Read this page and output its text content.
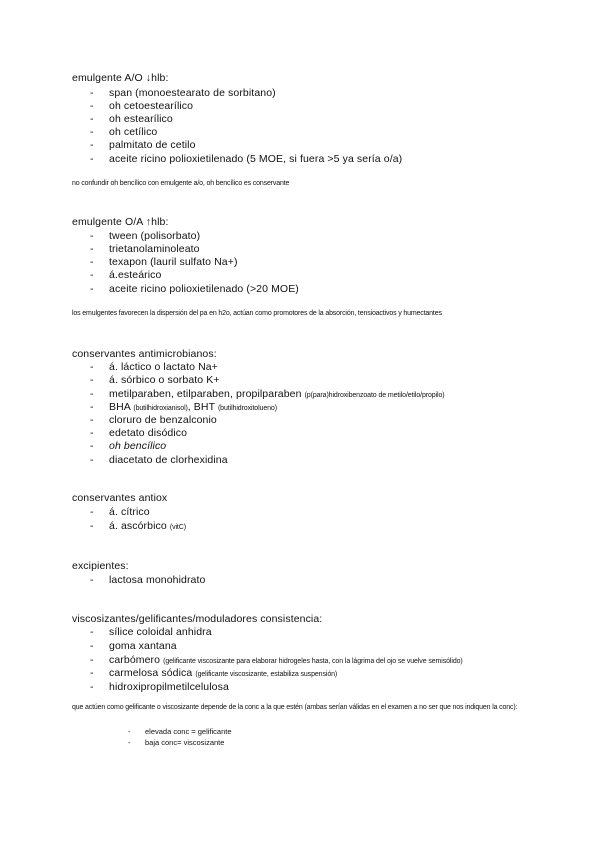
emulgente A/O ↓hlb:
- span (monoestearato de sorbitano)
- oh cetoestearílico
- oh estearílico
- oh cetílico
- palmitato de cetilo
- aceite ricino polioxietilenado (5 MOE, si fuera >5 ya sería o/a)
no confundir oh bencílico con emulgente a/o, oh bencílico es conservante
emulgente O/A ↑hlb:
- tween (polisorbato)
- trietanolaminoleato
- texapon (lauril sulfato Na+)
- á.esteárico
- aceite ricino polioxietilenado (>20 MOE)
los emulgentes favorecen la dispersión del pa en h2o, actúan como promotores de la absorción, tensioactivos y humectantes
conservantes antimicrobianos:
- á. láctico o lactato Na+
- á. sórbico o sorbato K+
- metilparaben, etilparaben, propilparaben (p(para)hidroxibenzoato de metilo/etilo/propilo)
- BHA (butilhidroxianisol), BHT (butilhidroxitolueno)
- cloruro de benzalconio
- edetato disódico
- oh bencílico
- diacetato de clorhexidina
conservantes antiox
- á. cítrico
- á. ascórbico (vitC)
excipientes:
- lactosa monohidrato
viscosizantes/gelificantes/moduladores consistencia:
- sílice coloidal anhidra
- goma xantana
- carbómero (gelificante viscosizante para elaborar hidrogeles hasta, con la lágrima del ojo se vuelve semisólido)
- carmelosa sódica (gelificante viscosizante, estabiliza suspensión)
- hidroxipropilmetilcelulosa
que actúen como gelificante o viscosizante depende de la conc a la que estén (ambas serían válidas en el examen a no ser que nos indiquen la conc):
- elevada conc = gelificante
- baja conc= viscosizante
